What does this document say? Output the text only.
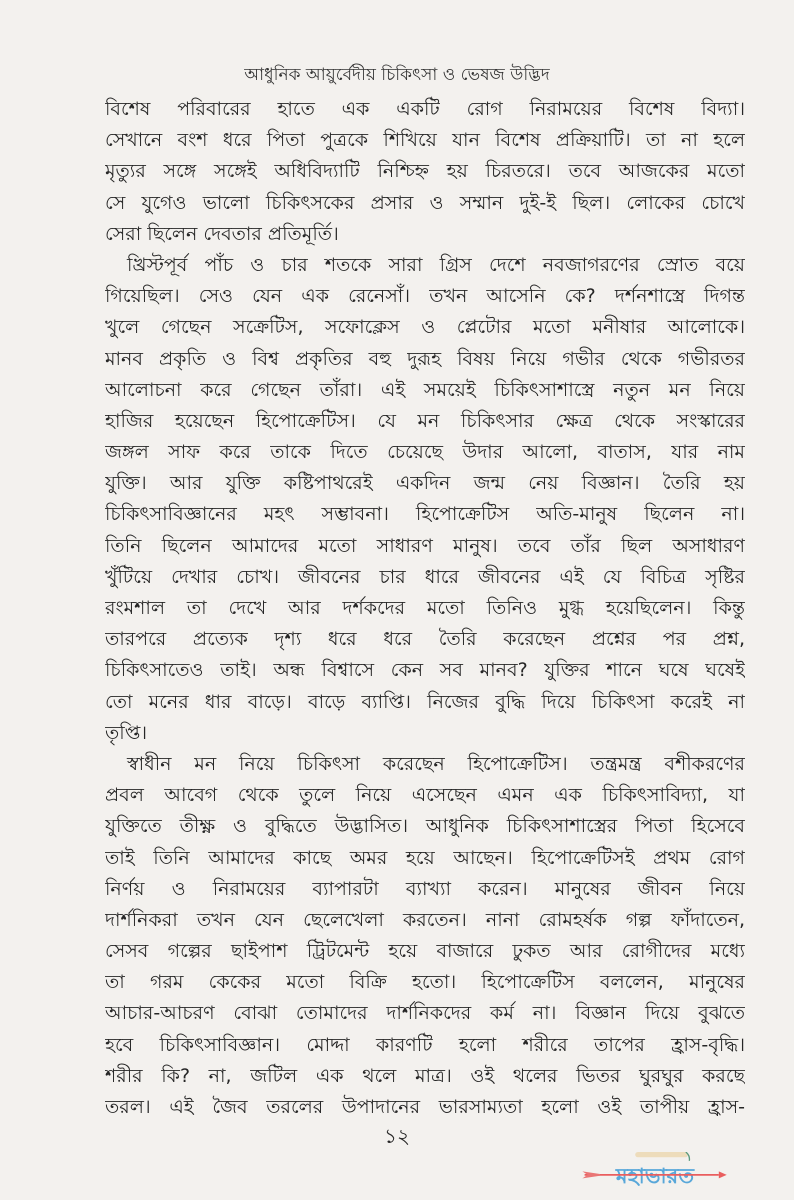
আধুনিক আয়ুর্বেদীয় চিকিৎসা ও ভেষজ উদ্ভিদ
বিশেষ পরিবারের হাতে এক একটি রোগ নিরাময়ের বিশেষ বিদ্যা।
সেখানে বংশ ধরে পিতা পুত্রকে শিখিয়ে যান বিশেষ প্রক্রিয়াটি। তা না হলে
মৃত্যুর সঙ্গে সঙ্গেই অধিবিদ্যাটি নিশ্চিহ্ন হয় চিরতরে। তবে আজকের মতো
সে যুগেও ভালো চিকিৎসকের প্রসার ও সম্মান দুই-ই ছিল। লোকের চোখে
সেরা ছিলেন দেবতার প্রতিমূর্তি।
খ্রিস্টপূর্ব পাঁচ ও চার শতকে সারা গ্রিস দেশে নবজাগরণের স্রোত বয়ে
গিয়েছিল। সেও যেন এক রেনেসাঁ। তখন আসেনি কে? দর্শনশাস্ত্রে দিগন্ত
খুলে গেছেন সক্রেটিস, সফোক্লেস ও প্লেটোর মতো মনীষার আলোকে।
মানব প্রকৃতি ও বিশ্ব প্রকৃতির বহু দুরূহ বিষয় নিয়ে গভীর থেকে গভীরতর
আলোচনা করে গেছেন তাঁরা। এই সময়েই চিকিৎসাশাস্ত্রে নতুন মন নিয়ে
হাজির হয়েছেন হিপোক্রেটিস। যে মন চিকিৎসার ক্ষেত্র থেকে সংস্কারের
জঙ্গল সাফ করে তাকে দিতে চেয়েছে উদার আলো, বাতাস, যার নাম
যুক্তি। আর যুক্তি কষ্টিপাথরেই একদিন জন্ম নেয় বিজ্ঞান। তৈরি হয়
চিকিৎসাবিজ্ঞানের মহৎ সম্ভাবনা। হিপোক্রেটিস অতি-মানুষ ছিলেন না।
তিনি ছিলেন আমাদের মতো সাধারণ মানুষ। তবে তাঁর ছিল অসাধারণ
খুঁটিয়ে দেখার চোখ। জীবনের চার ধারে জীবনের এই যে বিচিত্র সৃষ্টির
রংমশাল তা দেখে আর দর্শকদের মতো তিনিও মুগ্ধ হয়েছিলেন। কিন্তু
তারপরে প্রত্যেক দৃশ্য ধরে ধরে তৈরি করেছেন প্রশ্নের পর প্রশ্ন,
চিকিৎসাতেও তাই। অন্ধ বিশ্বাসে কেন সব মানব? যুক্তির শানে ঘষে ঘষেই
তো মনের ধার বাড়ে। বাড়ে ব্যাপ্তি। নিজের বুদ্ধি দিয়ে চিকিৎসা করেই না
তৃপ্তি।
স্বাধীন মন নিয়ে চিকিৎসা করেছেন হিপোক্রেটিস। তন্ত্রমন্ত্র বশীকরণের
প্রবল আবেগ থেকে তুলে নিয়ে এসেছেন এমন এক চিকিৎসাবিদ্যা, যা
যুক্তিতে তীক্ষ্ণ ও বুদ্ধিতে উদ্ভাসিত। আধুনিক চিকিৎসাশাস্ত্রের পিতা হিসেবে
তাই তিনি আমাদের কাছে অমর হয়ে আছেন। হিপোক্রেটিসই প্রথম রোগ
নির্ণয় ও নিরাময়ের ব্যাপারটা ব্যাখ্যা করেন। মানুষের জীবন নিয়ে
দার্শনিকরা তখন যেন ছেলেখেলা করতেন। নানা রোমহর্ষক গল্প ফাঁদাতেন,
সেসব গল্পের ছাইপাশ ট্রিটমেন্ট হয়ে বাজারে ঢুকত আর রোগীদের মধ্যে
তা গরম কেকের মতো বিক্রি হতো। হিপোক্রেটিস বললেন, মানুষের
আচার-আচরণ বোঝা তোমাদের দার্শনিকদের কর্ম না। বিজ্ঞান দিয়ে বুঝতে
হবে চিকিৎসাবিজ্ঞান। মোদ্দা কারণটি হলো শরীরে তাপের হ্রাস-বৃদ্ধি।
শরীর কি? না, জটিল এক থলে মাত্র। ওই থলের ভিতর ঘুরঘুর করছে
তরল। এই জৈব তরলের উপাদানের ভারসাম্যতা হলো ওই তাপীয় হ্রাস-
মহাভারত
১২
